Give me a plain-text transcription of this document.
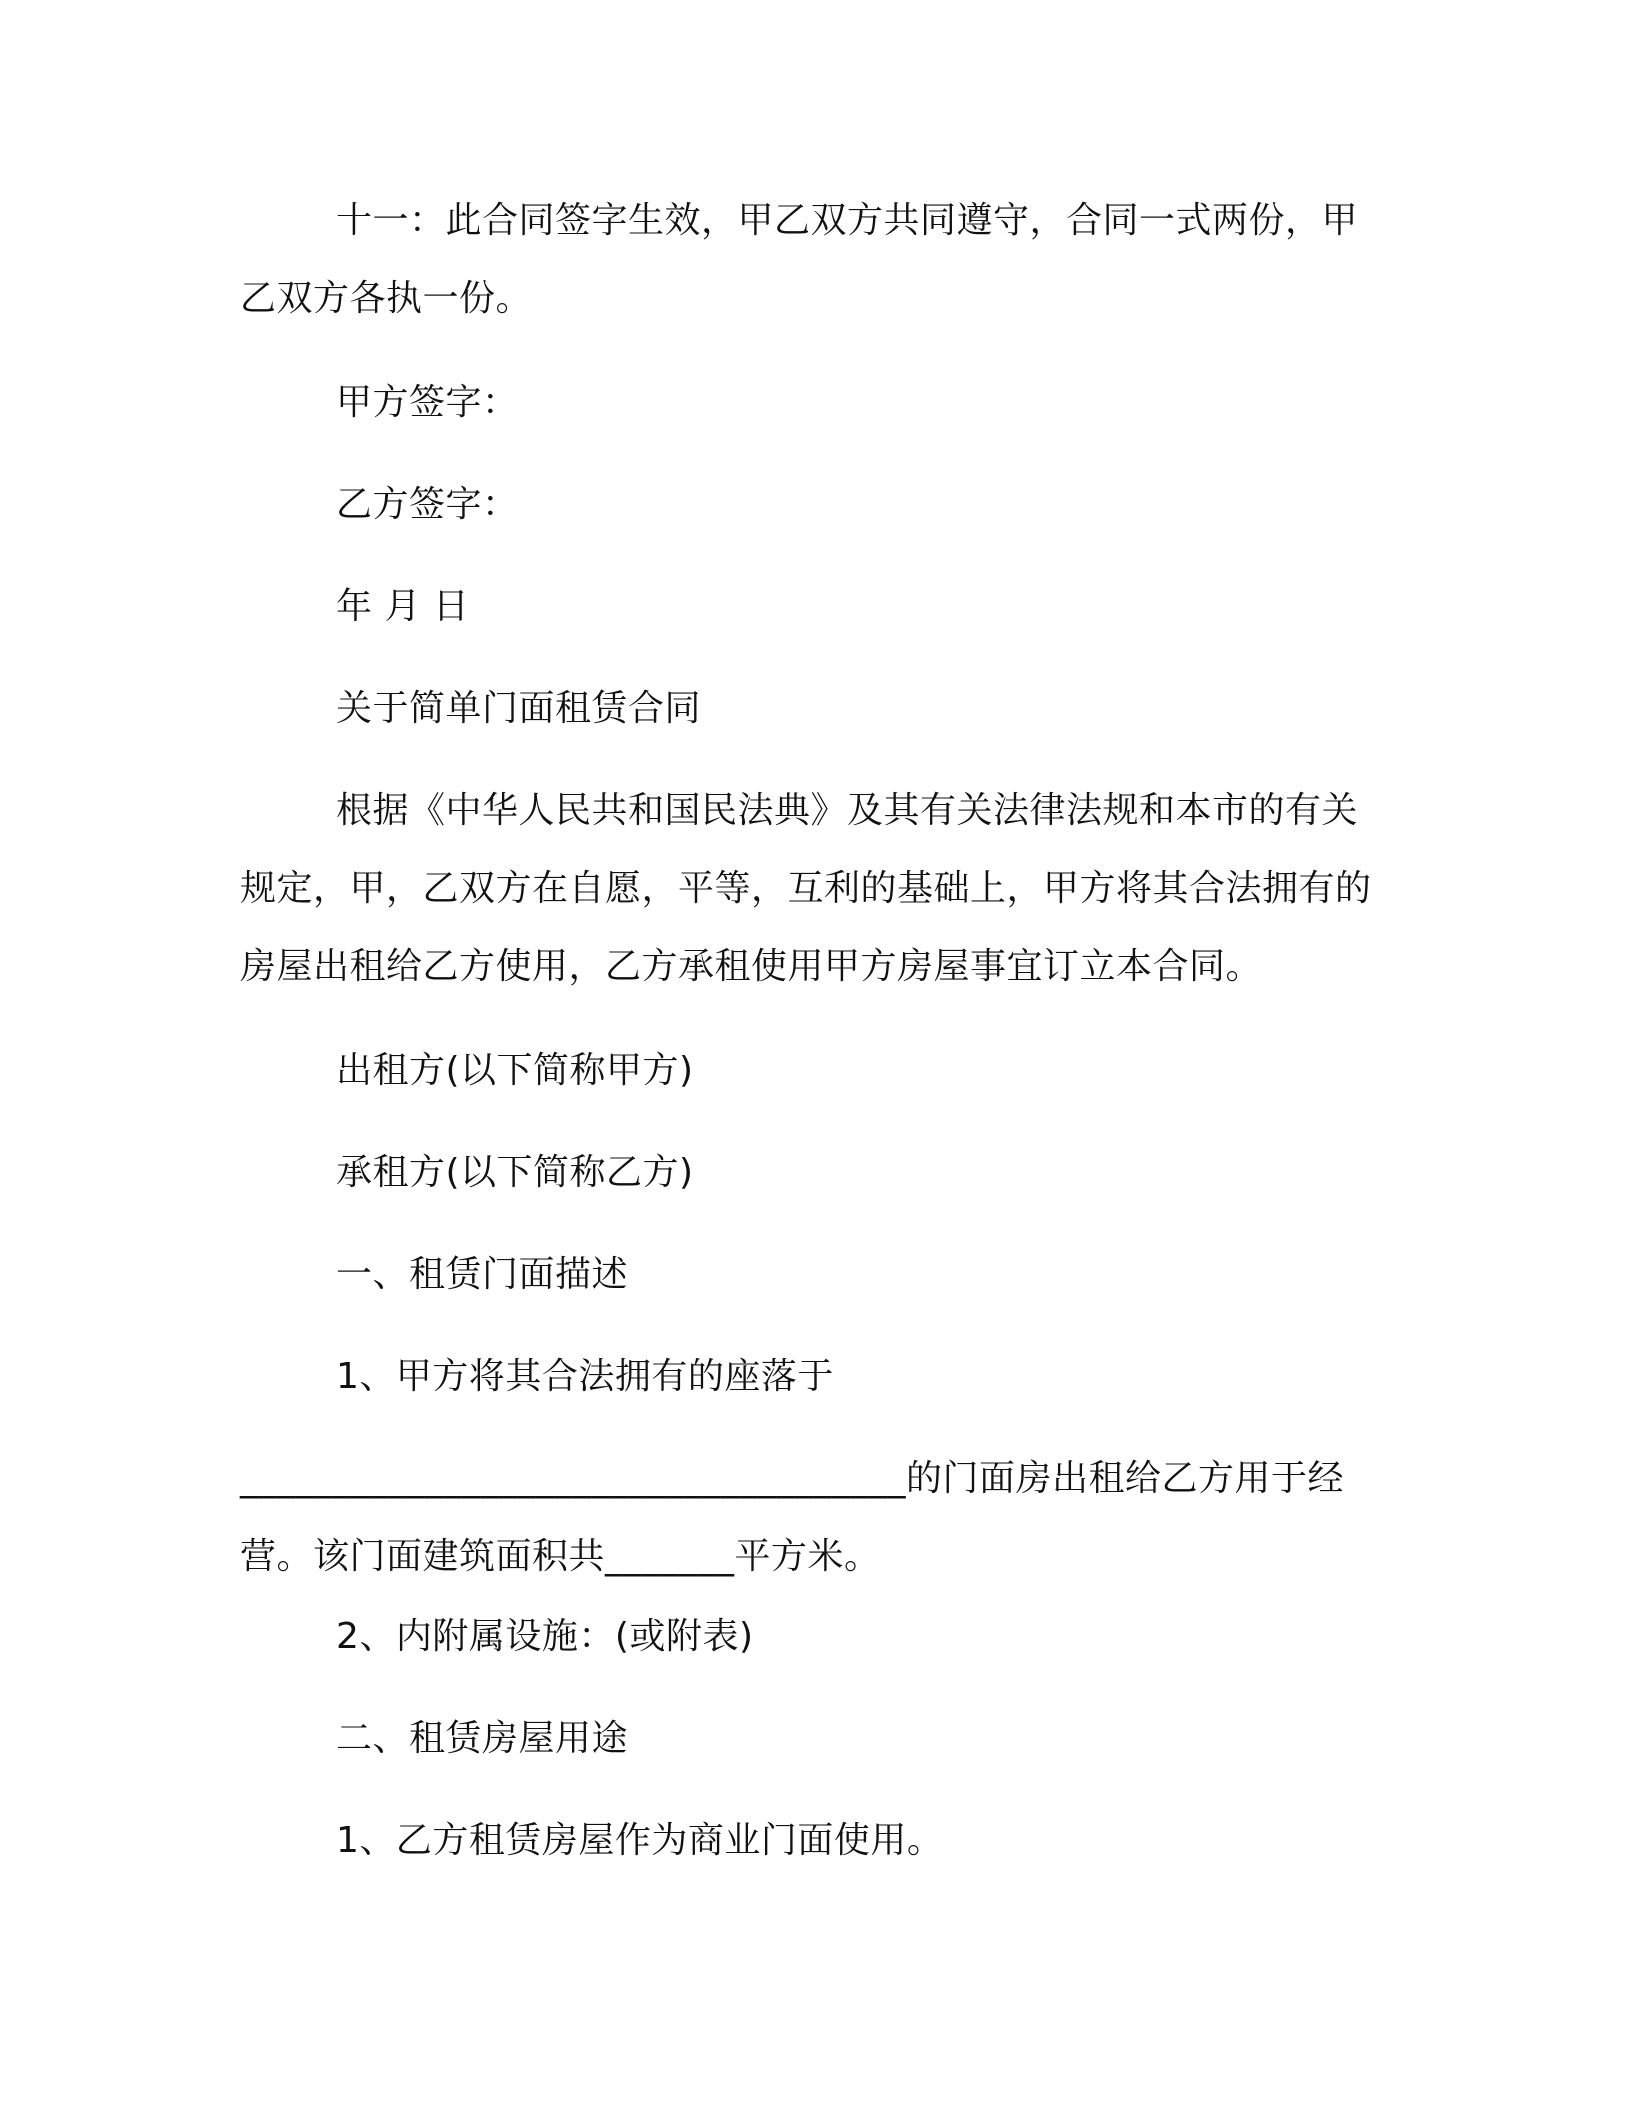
十一：此合同签字生效，甲乙双方共同遵守，合同一式两份，甲乙双方各执一份。

甲方签字：

乙方签字：

年 月 日

关于简单门面租赁合同

根据《中华人民共和国民法典》及其有关法律法规和本市的有关规定，甲，乙双方在自愿，平等，互利的基础上，甲方将其合法拥有的房屋出租给乙方使用，乙方承租使用甲方房屋事宜订立本合同。

出租方(以下简称甲方)

承租方(以下简称乙方)

一、租赁门面描述

1、甲方将其合法拥有的座落于

____________________________________的门面房出租给乙方用于经营。该门面建筑面积共_______平方米。

2、内附属设施：(或附表)

二、租赁房屋用途

1、乙方租赁房屋作为商业门面使用。
